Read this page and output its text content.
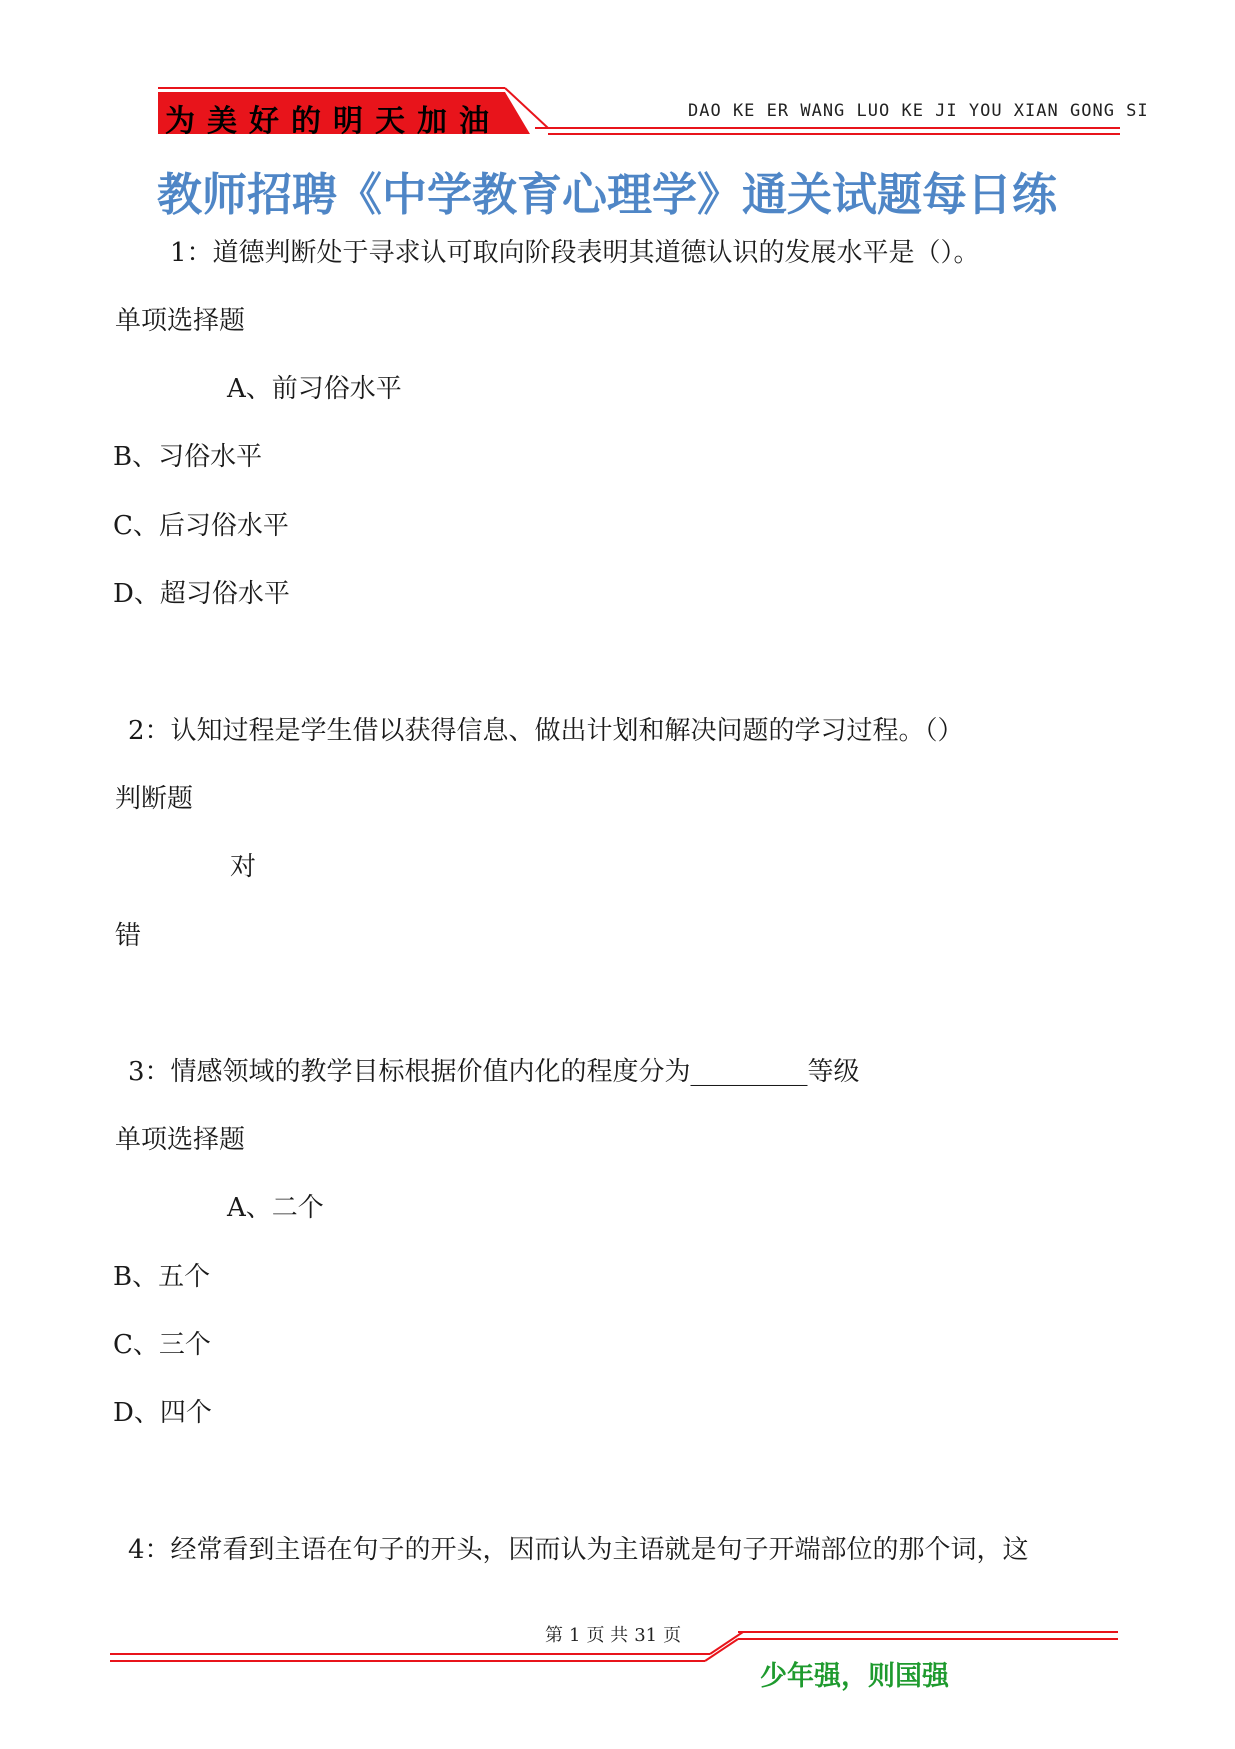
为美好的明天加油	DAO KE ER WANG LUO KE JI YOU XIAN GONG SI
教师招聘《中学教育心理学》通关试题每日练
1：道德判断处于寻求认可取向阶段表明其道德认识的发展水平是（）。
单项选择题
A、前习俗水平
B、习俗水平
C、后习俗水平
D、超习俗水平
2：认知过程是学生借以获得信息、做出计划和解决问题的学习过程。（）
判断题
对
错
3：情感领域的教学目标根据价值内化的程度分为_________等级
单项选择题
A、二个
B、五个
C、三个
D、四个
4：经常看到主语在句子的开头，因而认为主语就是句子开端部位的那个词，这
第 1 页 共 31 页
少年强，则国强
